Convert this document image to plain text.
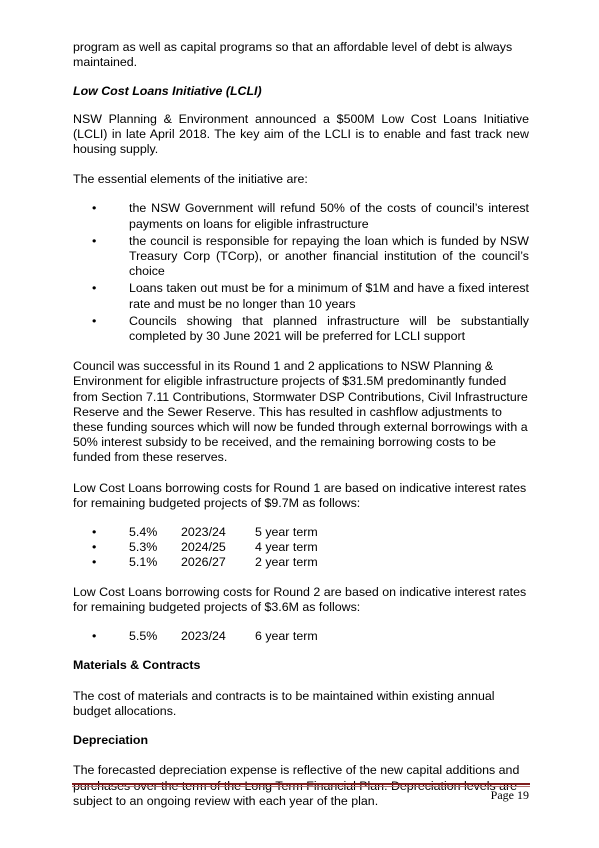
program as well as capital programs so that an affordable level of debt is always maintained.

Low Cost Loans Initiative (LCLI)

NSW Planning & Environment announced a $500M Low Cost Loans Initiative (LCLI) in late April 2018. The key aim of the LCLI is to enable and fast track new housing supply.

The essential elements of the initiative are:

•	the NSW Government will refund 50% of the costs of council’s interest payments on loans for eligible infrastructure
•	the council is responsible for repaying the loan which is funded by NSW Treasury Corp (TCorp), or another financial institution of the council’s choice
•	Loans taken out must be for a minimum of $1M and have a fixed interest rate and must be no longer than 10 years
•	Councils showing that planned infrastructure will be substantially completed by 30 June 2021 will be preferred for LCLI support

Council was successful in its Round 1 and 2 applications to NSW Planning & Environment for eligible infrastructure projects of $31.5M predominantly funded from Section 7.11 Contributions, Stormwater DSP Contributions, Civil Infrastructure Reserve and the Sewer Reserve. This has resulted in cashflow adjustments to these funding sources which will now be funded through external borrowings with a 50% interest subsidy to be received, and the remaining borrowing costs to be funded from these reserves.

Low Cost Loans borrowing costs for Round 1 are based on indicative interest rates for remaining budgeted projects of $9.7M as follows:

•	5.4% 2023/24 5 year term
•	5.3% 2024/25 4 year term
•	5.1% 2026/27 2 year term

Low Cost Loans borrowing costs for Round 2 are based on indicative interest rates for remaining budgeted projects of $3.6M as follows:

•	5.5% 2023/24 6 year term

Materials & Contracts

The cost of materials and contracts is to be maintained within existing annual budget allocations.

Depreciation

The forecasted depreciation expense is reflective of the new capital additions and subject to an ongoing review with each year of the plan.	Page 19
